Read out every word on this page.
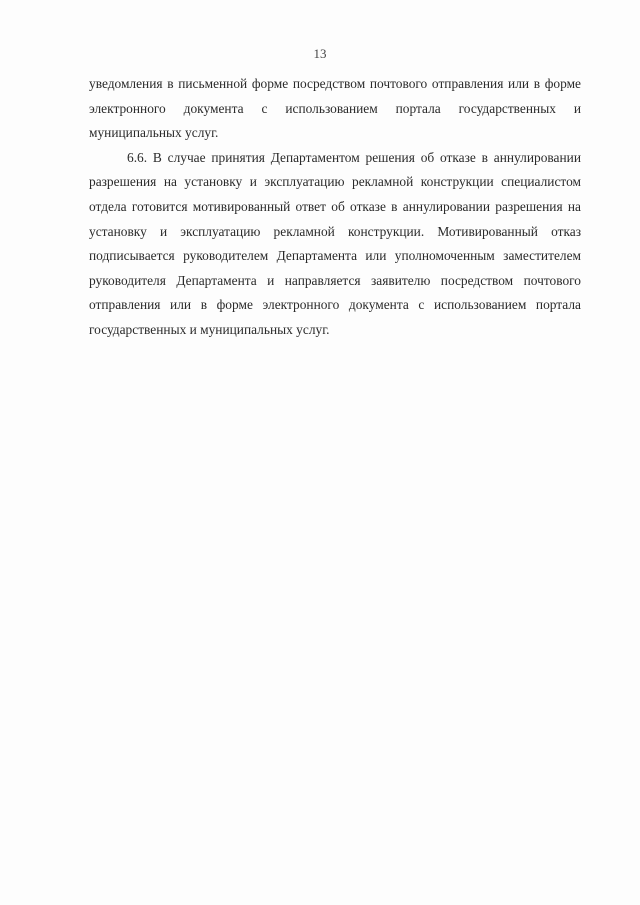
13

уведомления в письменной форме посредством почтового отправления или в форме электронного документа с использованием портала государственных и муниципальных услуг.

6.6. В случае принятия Департаментом решения об отказе в аннулировании разрешения на установку и эксплуатацию рекламной конструкции специалистом отдела готовится мотивированный ответ об отказе в аннулировании разрешения на установку и эксплуатацию рекламной конструкции. Мотивированный отказ подписывается руководителем Департамента или уполномоченным заместителем руководителя Департамента и направляется заявителю посредством почтового отправления или в форме электронного документа с использованием портала государственных и муниципальных услуг.
